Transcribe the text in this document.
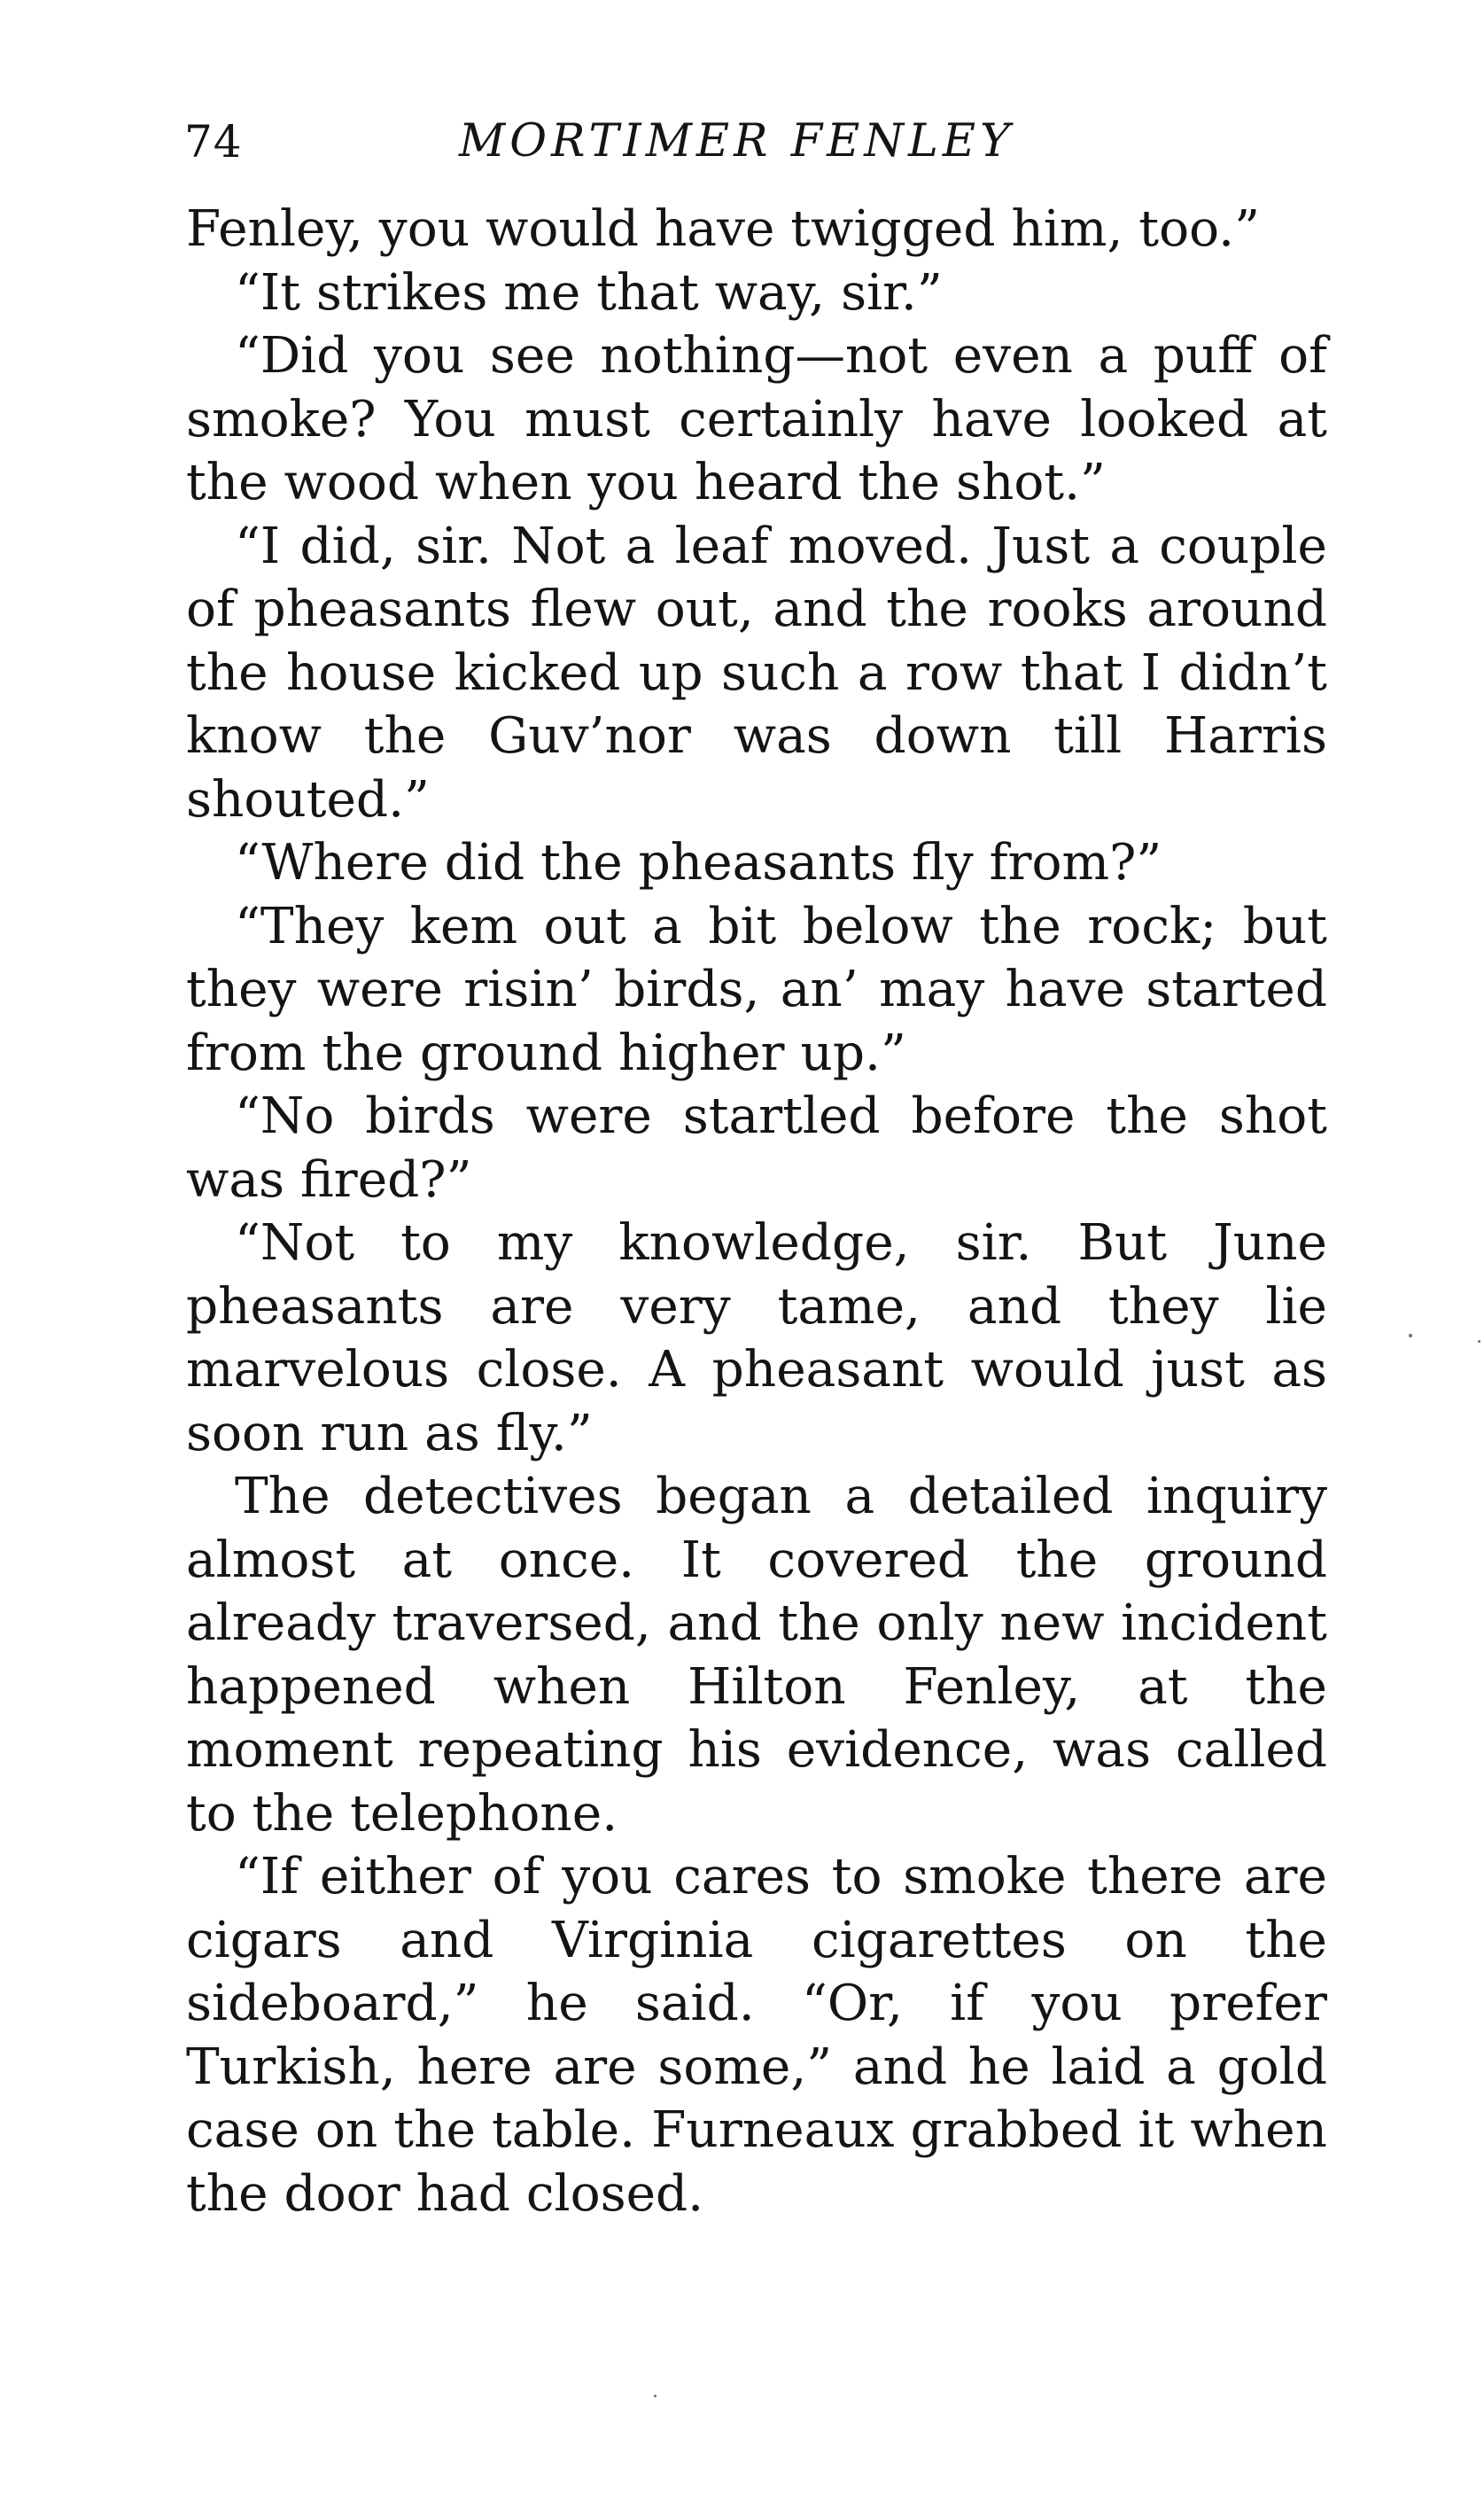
74	MORTIMER FENLEY

Fenley, you would have twigged him, too.”

“It strikes me that way, sir.”

“Did you see nothing—not even a puff of smoke? You must certainly have looked at the wood when you heard the shot.”

“I did, sir. Not a leaf moved. Just a couple of pheasants flew out, and the rooks around the house kicked up such a row that I didn’t know the Guv’nor was down till Harris shouted.”

“Where did the pheasants fly from?”

“They kem out a bit below the rock; but they were risin’ birds, an’ may have started from the ground higher up.”

“No birds were startled before the shot was fired?”

“Not to my knowledge, sir. But June pheasants are very tame, and they lie marvelous close. A pheasant would just as soon run as fly.”

The detectives began a detailed inquiry almost at once. It covered the ground already traversed, and the only new incident happened when Hilton Fenley, at the moment repeating his evidence, was called to the telephone.

“If either of you cares to smoke there are cigars and Virginia cigarettes on the sideboard,” he said. “Or, if you prefer Turkish, here are some,” and he laid a gold case on the table. Furneaux grabbed it when the door had closed.
